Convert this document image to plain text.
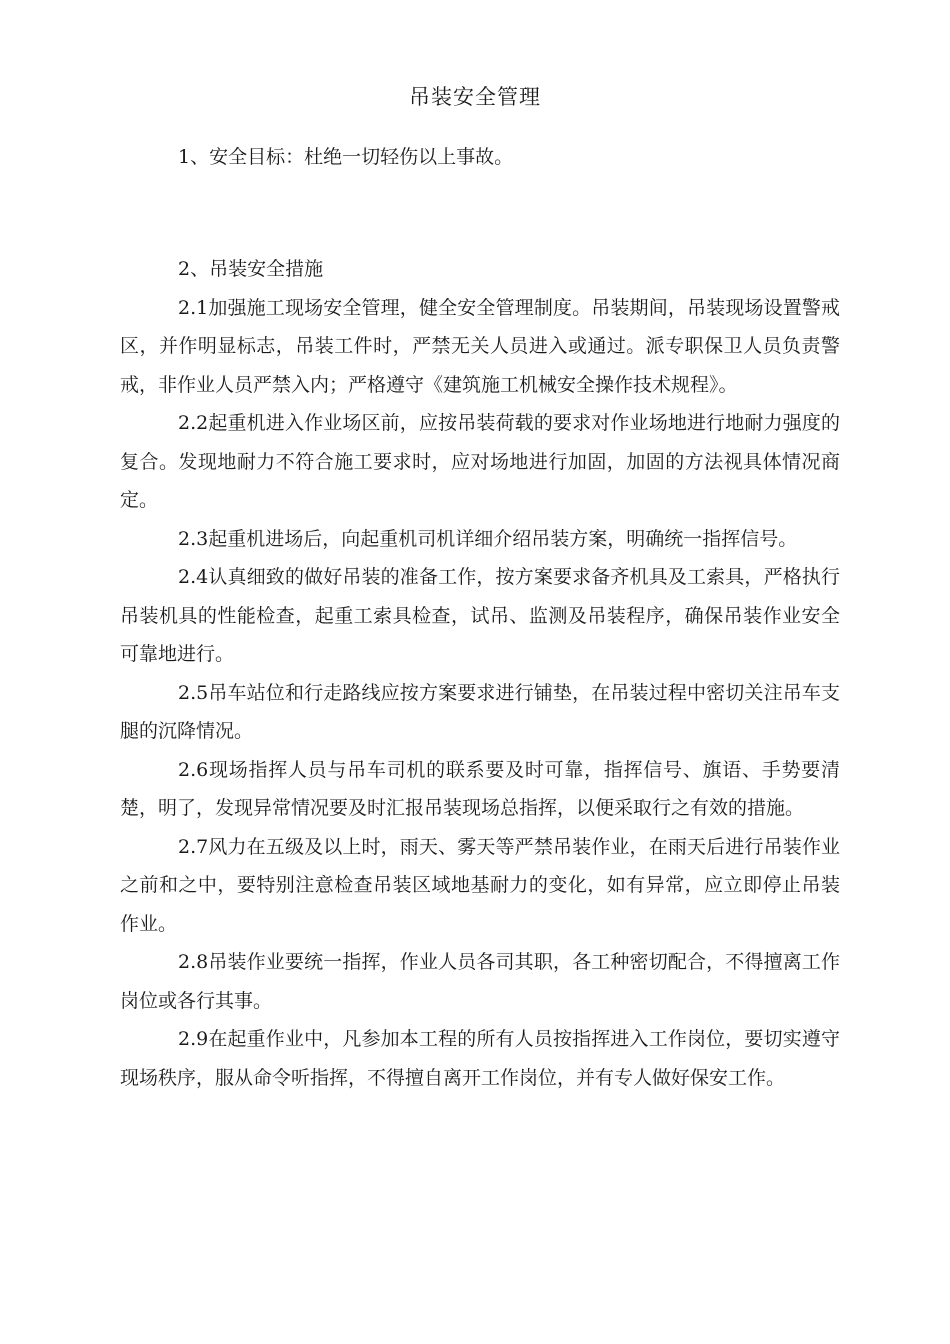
吊装安全管理

1、安全目标：杜绝一切轻伤以上事故。

2、吊装安全措施

2.1加强施工现场安全管理，健全安全管理制度。吊装期间，吊装现场设置警戒区，并作明显标志，吊装工件时，严禁无关人员进入或通过。派专职保卫人员负责警戒，非作业人员严禁入内；严格遵守《建筑施工机械安全操作技术规程》。

2.2起重机进入作业场区前，应按吊装荷载的要求对作业场地进行地耐力强度的复合。发现地耐力不符合施工要求时，应对场地进行加固，加固的方法视具体情况商定。

2.3起重机进场后，向起重机司机详细介绍吊装方案，明确统一指挥信号。

2.4认真细致的做好吊装的准备工作，按方案要求备齐机具及工索具，严格执行吊装机具的性能检查，起重工索具检查，试吊、监测及吊装程序，确保吊装作业安全可靠地进行。

2.5吊车站位和行走路线应按方案要求进行铺垫，在吊装过程中密切关注吊车支腿的沉降情况。

2.6现场指挥人员与吊车司机的联系要及时可靠，指挥信号、旗语、手势要清楚，明了，发现异常情况要及时汇报吊装现场总指挥，以便采取行之有效的措施。

2.7风力在五级及以上时，雨天、雾天等严禁吊装作业，在雨天后进行吊装作业之前和之中，要特别注意检查吊装区域地基耐力的变化，如有异常，应立即停止吊装作业。

2.8吊装作业要统一指挥，作业人员各司其职，各工种密切配合，不得擅离工作岗位或各行其事。

2.9在起重作业中，凡参加本工程的所有人员按指挥进入工作岗位，要切实遵守现场秩序，服从命令听指挥，不得擅自离开工作岗位，并有专人做好保安工作。
